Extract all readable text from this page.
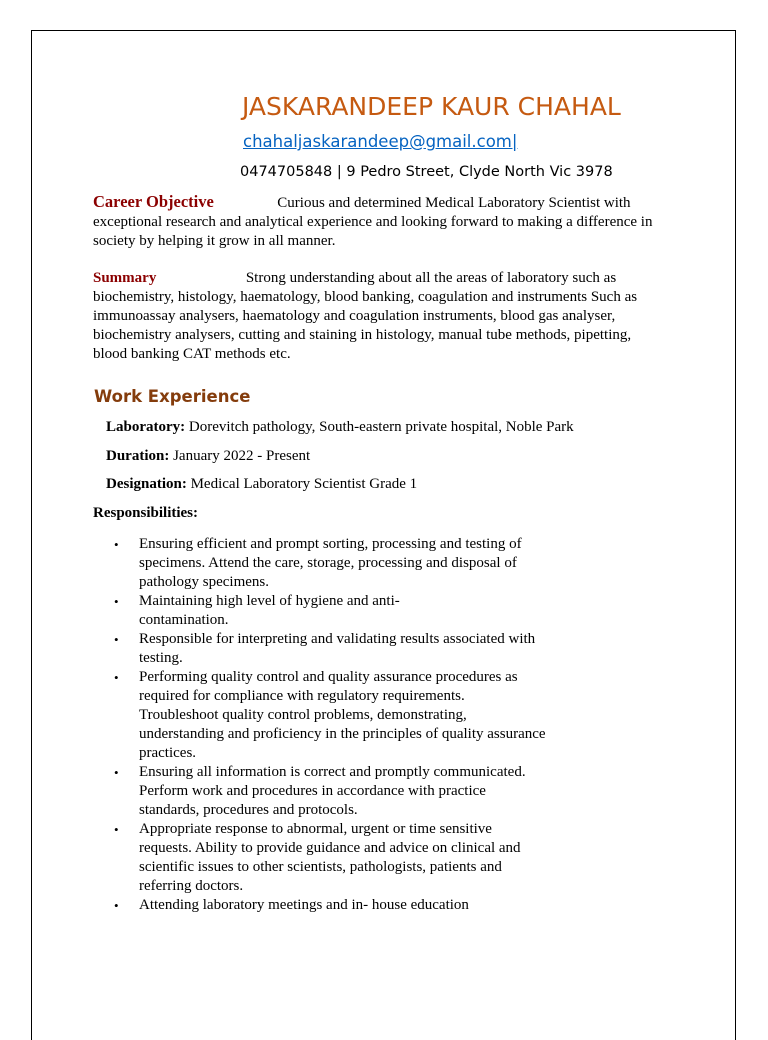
JASKARANDEEP KAUR CHAHAL
chahaljaskarandeep@gmail.com|
0474705848 | 9 Pedro Street, Clyde North Vic 3978
Career Objective	Curious and determined Medical Laboratory Scientist with
exceptional research and analytical experience and looking forward to making a difference in
society by helping it grow in all manner.
Summary	Strong understanding about all the areas of laboratory such as
biochemistry, histology, haematology, blood banking, coagulation and instruments Such as
immunoassay analysers, haematology and coagulation instruments, blood gas analyser,
biochemistry analysers, cutting and staining in histology, manual tube methods, pipetting,
blood banking CAT methods etc.
Work Experience
Laboratory: Dorevitch pathology, South-eastern private hospital, Noble Park
Duration: January 2022 - Present
Designation: Medical Laboratory Scientist Grade 1
Responsibilities:
• Ensuring efficient and prompt sorting, processing and testing of
specimens. Attend the care, storage, processing and disposal of
pathology specimens.
• Maintaining high level of hygiene and anti-
contamination.
• Responsible for interpreting and validating results associated with
testing.
• Performing quality control and quality assurance procedures as
required for compliance with regulatory requirements.
Troubleshoot quality control problems, demonstrating,
understanding and proficiency in the principles of quality assurance
practices.
• Ensuring all information is correct and promptly communicated.
Perform work and procedures in accordance with practice
standards, procedures and protocols.
• Appropriate response to abnormal, urgent or time sensitive
requests. Ability to provide guidance and advice on clinical and
scientific issues to other scientists, pathologists, patients and
referring doctors.
• Attending laboratory meetings and in- house education
